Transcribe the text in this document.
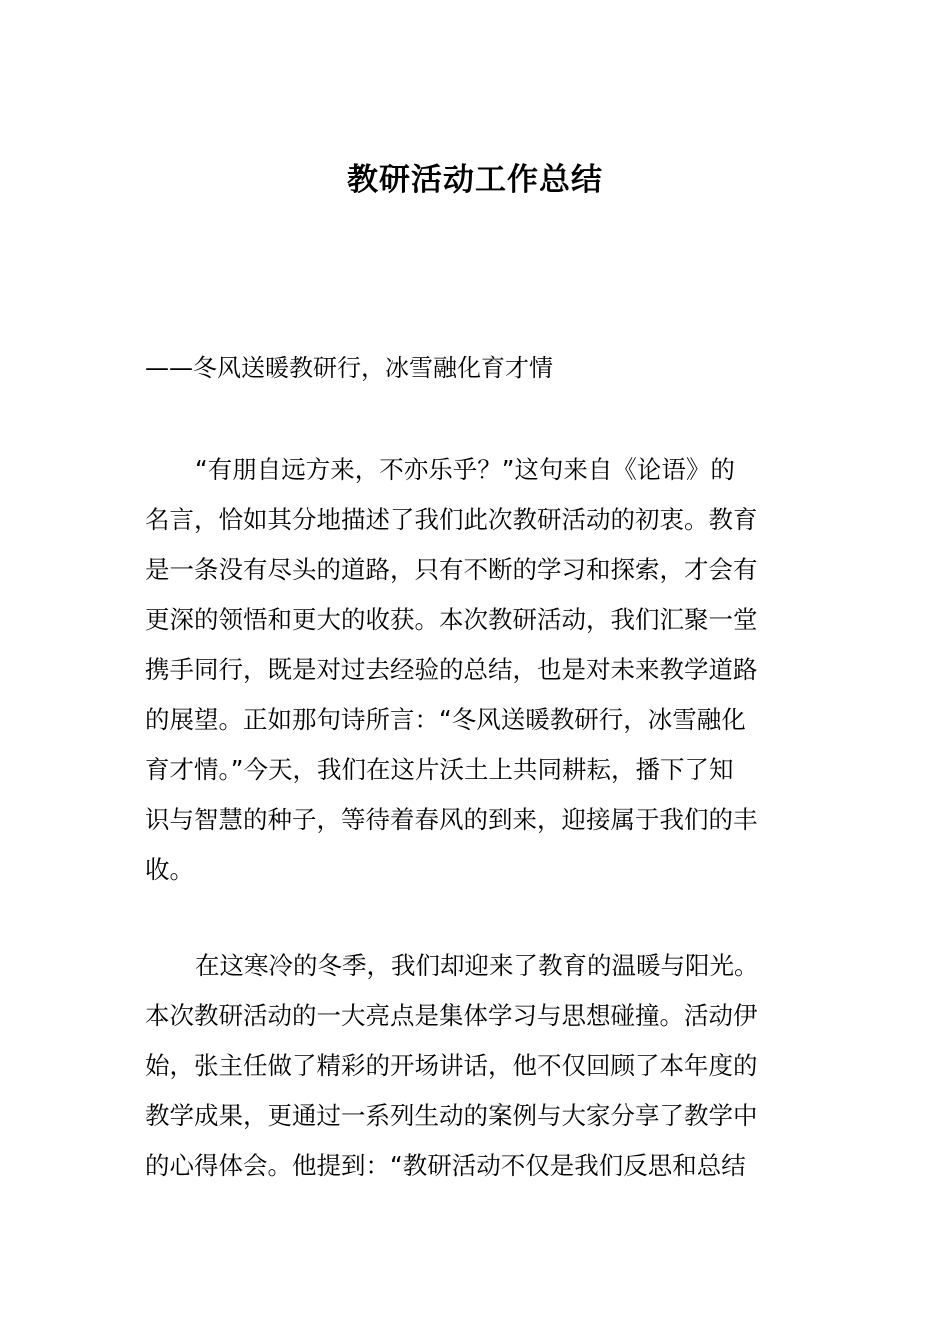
教研活动工作总结
——冬风送暖教研行，冰雪融化育才情
“有朋自远方来，不亦乐乎？”这句来自《论语》的
名言，恰如其分地描述了我们此次教研活动的初衷。教育
是一条没有尽头的道路，只有不断的学习和探索，才会有
更深的领悟和更大的收获。本次教研活动，我们汇聚一堂
携手同行，既是对过去经验的总结，也是对未来教学道路
的展望。正如那句诗所言：“冬风送暖教研行，冰雪融化
育才情。”今天，我们在这片沃土上共同耕耘，播下了知
识与智慧的种子，等待着春风的到来，迎接属于我们的丰
收。
在这寒冷的冬季，我们却迎来了教育的温暖与阳光。
本次教研活动的一大亮点是集体学习与思想碰撞。活动伊
始，张主任做了精彩的开场讲话，他不仅回顾了本年度的
教学成果，更通过一系列生动的案例与大家分享了教学中
的心得体会。他提到：“教研活动不仅是我们反思和总结
